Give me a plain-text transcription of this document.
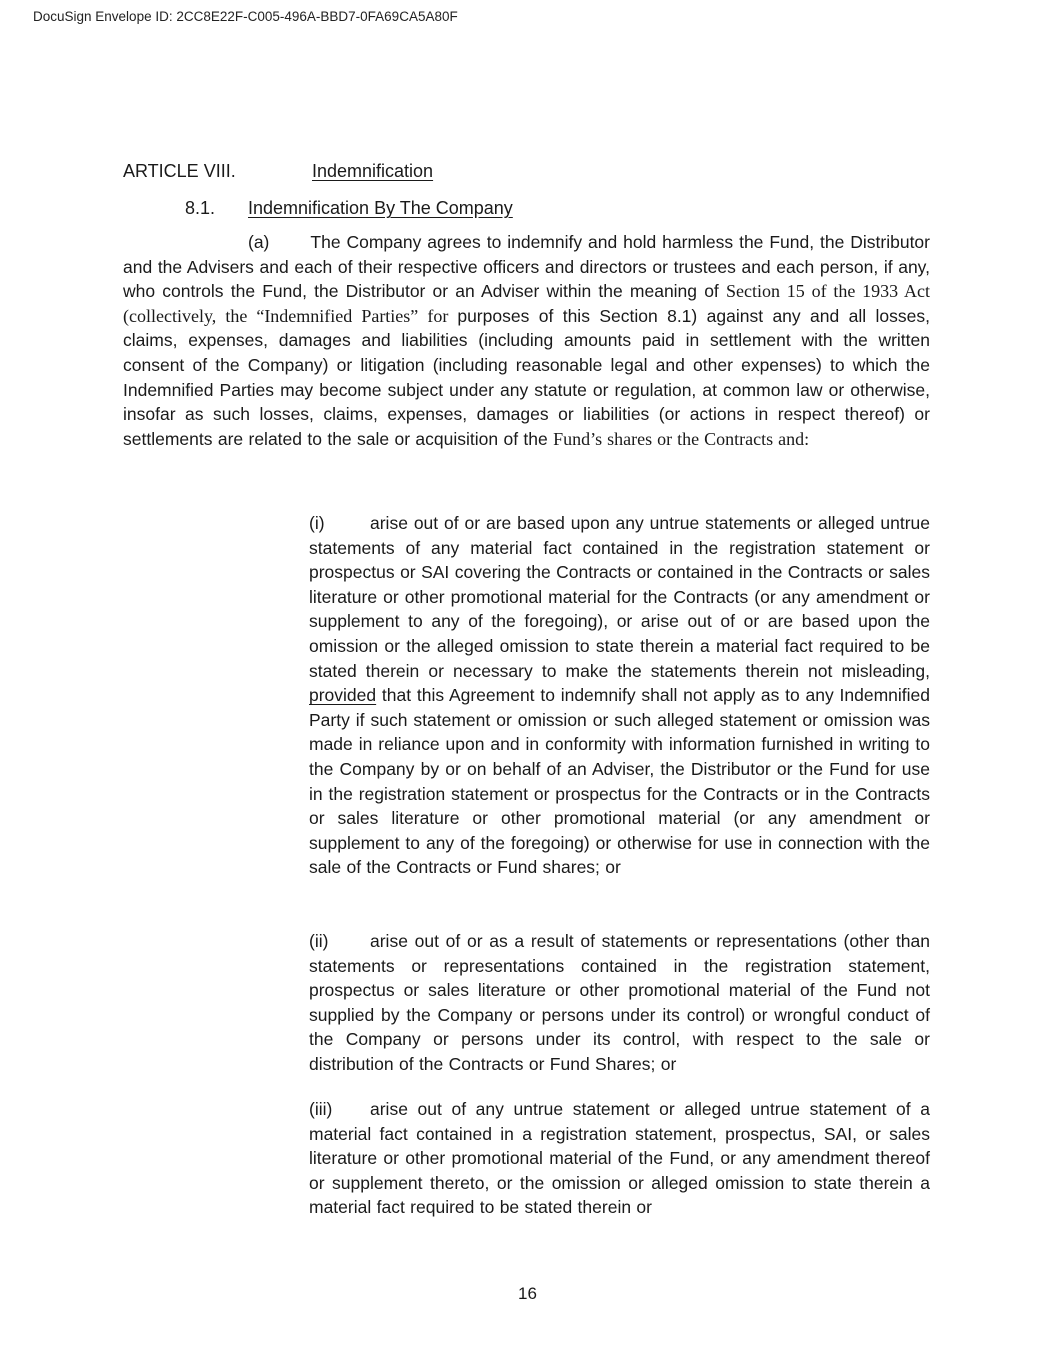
DocuSign Envelope ID: 2CC8E22F-C005-496A-BBD7-0FA69CA5A80F
ARTICLE VIII.	Indemnification
8.1. Indemnification By The Company
(a) The Company agrees to indemnify and hold harmless the Fund, the Distributor and the Advisers and each of their respective officers and directors or trustees and each person, if any, who controls the Fund, the Distributor or an Adviser within the meaning of Section 15 of the 1933 Act (collectively, the “Indemnified Parties” for purposes of this Section 8.1) against any and all losses, claims, expenses, damages and liabilities (including amounts paid in settlement with the written consent of the Company) or litigation (including reasonable legal and other expenses) to which the Indemnified Parties may become subject under any statute or regulation, at common law or otherwise, insofar as such losses, claims, expenses, damages or liabilities (or actions in respect thereof) or settlements are related to the sale or acquisition of the Fund’s shares or the Contracts and:
(i)	arise out of or are based upon any untrue statements or alleged untrue statements of any material fact contained in the registration statement or prospectus or SAI covering the Contracts or contained in the Contracts or sales literature or other promotional material for the Contracts (or any amendment or supplement to any of the foregoing), or arise out of or are based upon the omission or the alleged omission to state therein a material fact required to be stated therein or necessary to make the statements therein not misleading, provided that this Agreement to indemnify shall not apply as to any Indemnified Party if such statement or omission or such alleged statement or omission was made in reliance upon and in conformity with information furnished in writing to the Company by or on behalf of an Adviser, the Distributor or the Fund for use in the registration statement or prospectus for the Contracts or in the Contracts or sales literature or other promotional material (or any amendment or supplement to any of the foregoing) or otherwise for use in connection with the sale of the Contracts or Fund shares; or
(ii) arise out of or as a result of statements or representations (other than statements or representations contained in the registration statement, prospectus or sales literature or other promotional material of the Fund not supplied by the Company or persons under its control) or wrongful conduct of the Company or persons under its control, with respect to the sale or distribution of the Contracts or Fund Shares; or
(iii) arise out of any untrue statement or alleged untrue statement of a material fact contained in a registration statement, prospectus, SAI, or sales literature or other promotional material of the Fund, or any amendment thereof or supplement thereto, or the omission or alleged omission to state therein a material fact required to be stated therein or
16
